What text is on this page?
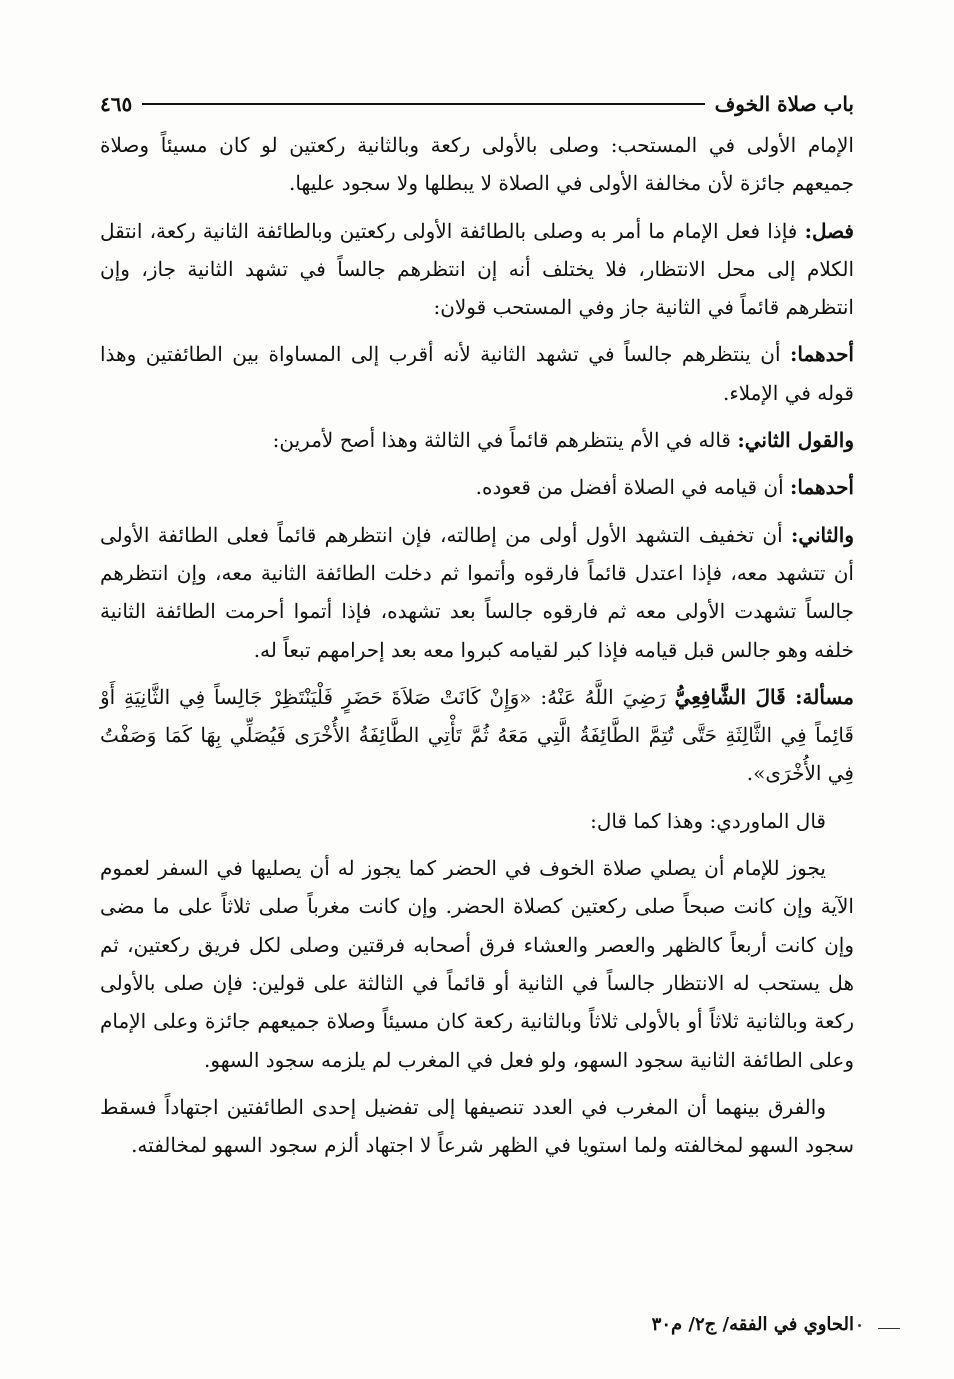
باب صلاة الخوف
٤٦٥

الإمام الأولى في المستحب: وصلى بالأولى ركعة وبالثانية ركعتين لو كان مسيئاً وصلاة جميعهم جائزة لأن مخالفة الأولى في الصلاة لا يبطلها ولا سجود عليها.

فصل: فإذا فعل الإمام ما أمر به وصلى بالطائفة الأولى ركعتين وبالطائفة الثانية ركعة، انتقل الكلام إلى محل الانتظار، فلا يختلف أنه إن انتظرهم جالساً في تشهد الثانية جاز، وإن انتظرهم قائماً في الثانية جاز وفي المستحب قولان:

أحدهما: أن ينتظرهم جالساً في تشهد الثانية لأنه أقرب إلى المساواة بين الطائفتين وهذا قوله في الإملاء.

والقول الثاني: قاله في الأم ينتظرهم قائماً في الثالثة وهذا أصح لأمرين:

أحدهما: أن قيامه في الصلاة أفضل من قعوده.

والثاني: أن تخفيف التشهد الأول أولى من إطالته، فإن انتظرهم قائماً فعلى الطائفة الأولى أن تتشهد معه، فإذا اعتدل قائماً فارقوه وأتموا ثم دخلت الطائفة الثانية معه، وإن انتظرهم جالساً تشهدت الأولى معه ثم فارقوه جالساً بعد تشهده، فإذا أتموا أحرمت الطائفة الثانية خلفه وهو جالس قبل قيامه فإذا كبر لقيامه كبروا معه بعد إحرامهم تبعاً له.

مسألة: قَالَ الشَّافِعِيُّ رَضِيَ اللَّهُ عَنْهُ: «وَإِنْ كَانَتْ صَلاَةَ حَضَرٍ فَلْيَنْتَظِرْ جَالِساً فِي الثَّانِيَةِ أَوْ قَائِماً فِي الثَّالِثَةِ حَتَّى تُتِمَّ الطَّائِفَةُ الَّتِي مَعَهُ ثُمَّ تَأْتِي الطَّائِفَةُ الأُخْرَى فَيُصَلِّي بِهَا كَمَا وَصَفْتُ فِي الأُخْرَى».

قال الماوردي: وهذا كما قال:

يجوز للإمام أن يصلي صلاة الخوف في الحضر كما يجوز له أن يصليها في السفر لعموم الآية وإن كانت صبحاً صلى ركعتين كصلاة الحضر. وإن كانت مغرباً صلى ثلاثاً على ما مضى وإن كانت أربعاً كالظهر والعصر والعشاء فرق أصحابه فرقتين وصلى لكل فريق ركعتين، ثم هل يستحب له الانتظار جالساً في الثانية أو قائماً في الثالثة على قولين: فإن صلى بالأولى ركعة وبالثانية ثلاثاً أو بالأولى ثلاثاً وبالثانية ركعة كان مسيئاً وصلاة جميعهم جائزة وعلى الإمام وعلى الطائفة الثانية سجود السهو، ولو فعل في المغرب لم يلزمه سجود السهو.

والفرق بينهما أن المغرب في العدد تنصيفها إلى تفضيل إحدى الطائفتين اجتهاداً فسقط سجود السهو لمخالفته ولما استويا في الظهر شرعاً لا اجتهاد ألزم سجود السهو لمخالفته.

الحاوي في الفقه/ ج٢/ م٣٠
